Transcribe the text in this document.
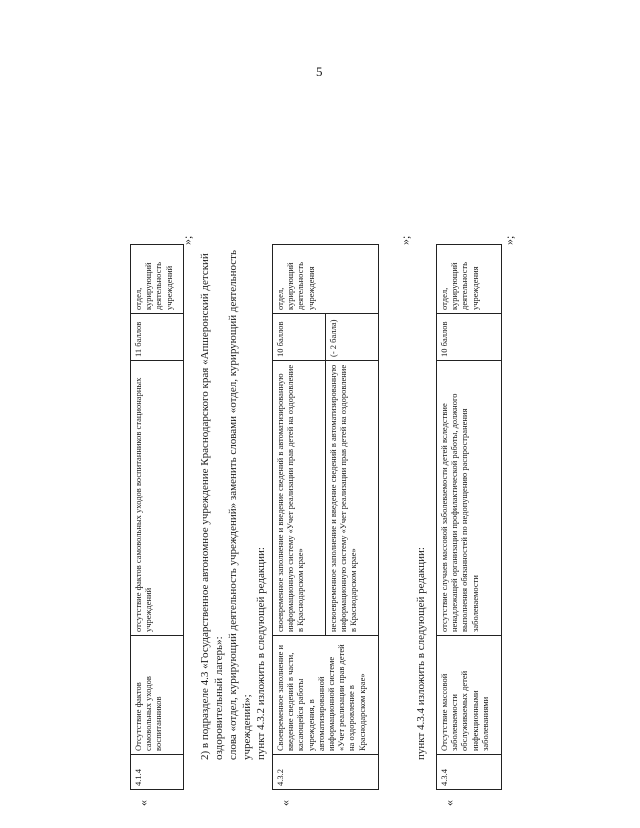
5
«
4.1.4	Отсутствие фактов самовольных уходов воспитанников	отсутствие фактов самовольных уходов воспитанников стационарных учреждений	11 баллов	отдел, курирующий деятельность учреждений
»;
2) в подразделе 4.3 «Государственное автономное учреждение Краснодарского края «Апшеронский детский оздоровительный лагерь»: слова «отдел, курирующий деятельность учреждений» заменить словами «отдел, курирующий деятельность учреждений»; пункт 4.3.2 изложить в следующей редакции:
«
4.3.2	Своевременное заполнение и введение сведений в части, касающейся работы учреждения, в автоматизированной информационной системе «Учет реализации прав детей на оздоровление в Краснодарском крае»	своевременное заполнение и введение сведений в автоматизированную информационную систему «Учет реализации прав детей на оздоровление в Краснодарском крае»	10 баллов	отдел, курирующий деятельность учреждения
		несвоевременное заполнение и введение сведений в автоматизированную информационную систему «Учет реализации прав детей на оздоровление в Краснодарском крае»	(- 2 балла)	
»;
пункт 4.3.4 изложить в следующей редакции:
«
4.3.4	Отсутствие массовой заболеваемости обслуживаемых детей инфекционными заболеваниями	отсутствие случаев массовой заболеваемости детей вследствие ненадлежащей организации профилактической работы, должного выполнения обязанностей по недопущению распространения заболеваемости	10 баллов	отдел, курирующий деятельность учреждения
»;
